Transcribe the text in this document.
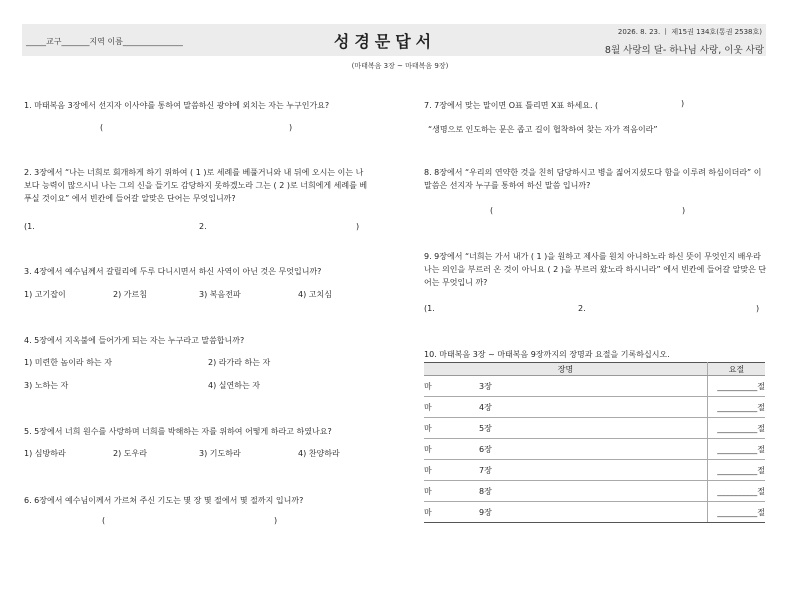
_____교구_______지역 이름_______________	성경문답서	2026. 8. 23. ㅣ 제15권 134호(통권 2538호)
8월 사랑의 달- 하나님 사랑, 이웃 사랑
(마태복음 3장 ~ 마태복음 9장)
1. 마태복음 3장에서 선지자 이사야를 통하여 말씀하신 광야에 외치는 자는 누구인가요?
(	)
2. 3장에서 “나는 너희로 회개하게 하기 위하여 ( 1 )로 세례를 베풀거니와 내 뒤에 오시는 이는 나보다 능력이 많으시니 나는 그의 신을 들기도 감당하지 못하겠노라 그는 ( 2 )로 너희에게 세례를 베푸실 것이요” 에서 빈칸에 들어갈 알맞은 단어는 무엇입니까?
(1.	2.	)
3. 4장에서 예수님께서 갈릴리에 두루 다니시면서 하신 사역이 아닌 것은 무엇입니까?
1) 고기잡이	2) 가르침	3) 복음전파	4) 고치심
4. 5장에서 지옥불에 들어가게 되는 자는 누구라고 말씀합니까?
1) 미련한 놈이라 하는 자	2) 라가라 하는 자
3) 노하는 자	4) 실연하는 자
5. 5장에서 너희 원수를 사랑하며 너희를 박해하는 자를 위하여 어떻게 하라고 하였나요?
1) 심방하라	2) 도우라	3) 기도하라	4) 찬양하라
6. 6장에서 예수님이께서 가르쳐 주신 기도는 몇 장 몇 절에서 몇 절까지 입니까?
(	)
7. 7장에서 맞는 말이면 O표 틀리면 X표 하세요. (	)
“생명으로 인도하는 문은 좁고 길이 협착하여 찾는 자가 적음이라”
8. 8장에서 “우리의 연약한 것을 친히 담당하시고 병을 짊어지셨도다 함을 이루려 하심이더라” 이 말씀은 선지자 누구를 통하여 하신 말씀 입니까?
(	)
9. 9장에서 “너희는 가서 내가 ( 1 )을 원하고 제사를 원치 아니하노라 하신 뜻이 무엇인지 배우라 나는 의인을 부르러 온 것이 아니요 ( 2 )을 부르러 왔노라 하시니라” 에서 빈칸에 들어갈 알맞은 단어는 무엇입니 까?
(1.	2.	)
10. 마태복음 3장 ~ 마태복음 9장까지의 장명과 요절을 기록하십시오.
장명		요절
마	3장	__________절
마	4장	__________절
마	5장	__________절
마	6장	__________절
마	7장	__________절
마	8장	__________절
마	9장	__________절
